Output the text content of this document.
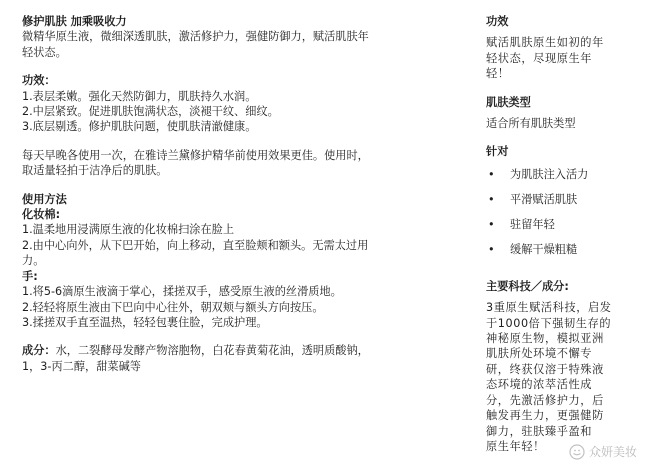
修护肌肤 加乘吸收力

微精华原生液，微细深透肌肤，激活修护力，强健防御力，赋活肌肤年

轻状态。

功效：

1.表层柔嫩。强化天然防御力，肌肤持久水润。

2.中层紧致。促进肌肤饱满状态，淡褪干纹、细纹。

3.底层剔透。修护肌肤问题，使肌肤清澈健康。

每天早晚各使用一次，在雅诗兰黛修护精华前使用效果更佳。使用时，

取适量轻拍于洁净后的肌肤。

使用方法

化妆棉:

1.温柔地用浸满原生液的化妆棉扫涂在脸上

2.由中心向外，从下巴开始，向上移动，直至脸颊和额头。无需太过用

力。

手:

1.将5-6滴原生液滴于掌心，揉搓双手，感受原生液的丝滑质地。

2.轻轻将原生液由下巴向中心往外，朝双颊与额头方向按压。

3.揉搓双手直至温热，轻轻包裹住脸，完成护理。

成分：水，二裂酵母发酵产物溶胞物，白花春黄菊花油，透明质酸钠，

1，3-丙二醇，甜菜碱等

功效

赋活肌肤原生如初的年

轻状态，尽现原生年

轻！

肌肤类型

适合所有肌肤类型

针对

• 为肌肤注入活力
• 平滑赋活肌肤
• 驻留年轻
• 缓解干燥粗糙

主要科技／成分:

3重原生赋活科技，启发

于1000倍下强韧生存的

神秘原生物，模拟亚洲

肌肤所处环境不懈专

研，终获仅溶于特殊液

态环境的浓萃活性成

分，先激活修护力，后

触发再生力，更强健防

御力，驻肤臻乎盈和

原生年轻！	众妍美妆
